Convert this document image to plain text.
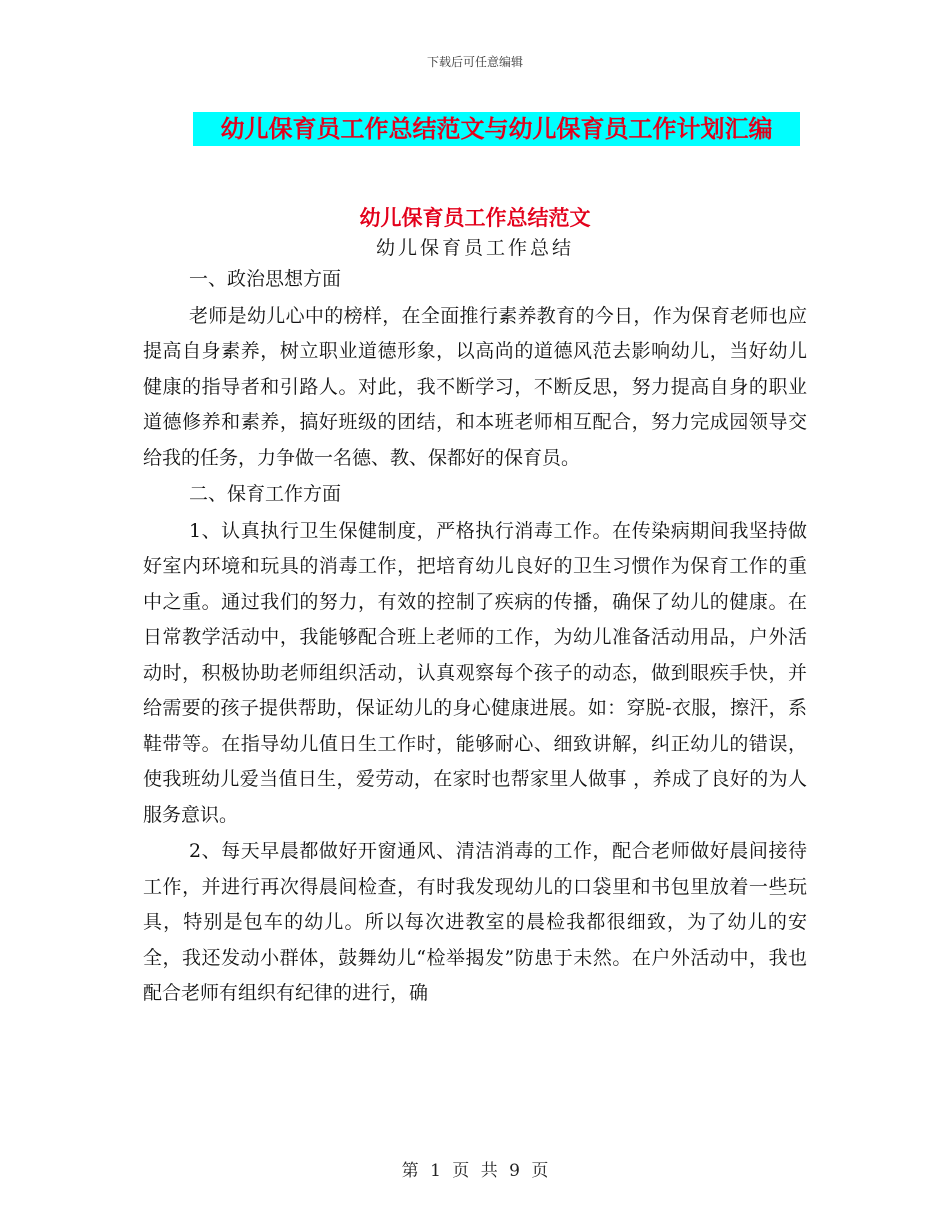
下载后可任意编辑
幼儿保育员工作总结范文与幼儿保育员工作计划汇编
幼儿保育员工作总结范文
幼儿保育员工作总结

一、政治思想方面

老师是幼儿心中的榜样，在全面推行素养教育的今日，作为保育老师也应提高自身素养，树立职业道德形象，以高尚的道德风范去影响幼儿，当好幼儿健康的指导者和引路人。对此，我不断学习，不断反思，努力提高自身的职业道德修养和素养，搞好班级的团结，和本班老师相互配合，努力完成园领导交给我的任务，力争做一名德、教、保都好的保育员。

二、保育工作方面

1、认真执行卫生保健制度，严格执行消毒工作。在传染病期间我坚持做好室内环境和玩具的消毒工作，把培育幼儿良好的卫生习惯作为保育工作的重中之重。通过我们的努力，有效的控制了疾病的传播，确保了幼儿的健康。在日常教学活动中，我能够配合班上老师的工作，为幼儿准备活动用品，户外活动时，积极协助老师组织活动，认真观察每个孩子的动态，做到眼疾手快，并给需要的孩子提供帮助，保证幼儿的身心健康进展。如：穿脱-衣服，擦汗，系鞋带等。在指导幼儿值日生工作时，能够耐心、细致讲解，纠正幼儿的错误，使我班幼儿爱当值日生，爱劳动，在家时也帮家里人做事 ，养成了良好的为人服务意识。

2、每天早晨都做好开窗通风、清洁消毒的工作，配合老师做好晨间接待工作，并进行再次得晨间检查，有时我发现幼儿的口袋里和书包里放着一些玩具，特别是包车的幼儿。所以每次进教室的晨检我都很细致，为了幼儿的安全，我还发动小群体，鼓舞幼儿“检举揭发”防患于未然。在户外活动中，我也配合老师有组织有纪律的进行，确

第 1 页 共 9 页
